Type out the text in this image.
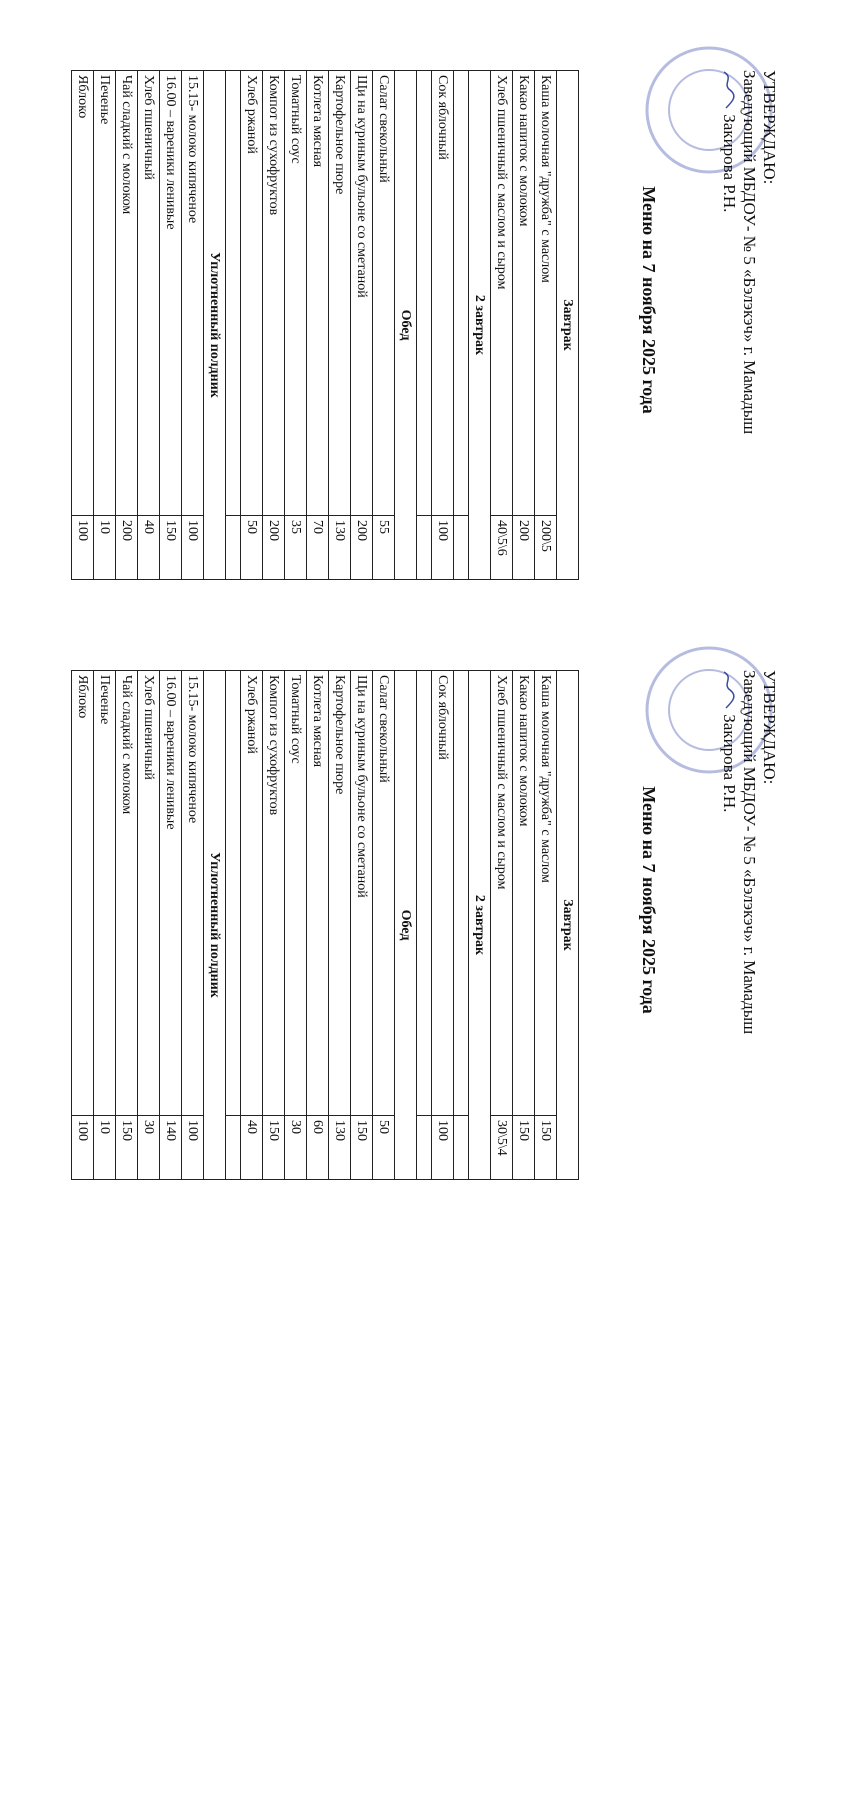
УТВЕРЖДАЮ:
Заведующий МБДОУ- № 5 «Бэлэкэч» г. Мамадыш
Закирова Р.Н.
Меню на 7 ноября 2025 года
Завтрак	
Каша молочная "дружба" с маслом	200\5
Какао напиток с молоком	200
Хлеб пшеничный с маслом и сыром	40\5\6
2 завтрак	

Сок яблочный	100

Обед	
Салат свекольный	55
Щи на куриным бульоне со сметаной	200
Картофельное пюре	130
Котлета мясная	70
Томатный соус	35
Компот из сухофруктов	200
Хлеб ржаной	50

Уплотненный полдник	
15.15- молоко кипяченое	100
16.00 – вареники ленивые	150
Хлеб пшеничный	40
Чай сладкий с молоком	200
Печенье	10
Яблоко	100
УТВЕРЖДАЮ:
Заведующий МБДОУ- № 5 «Бэлэкэч» г. Мамадыш
Закирова Р.Н.
Меню на 7 ноября 2025 года
Завтрак	
Каша молочная "дружба" с маслом	150
Какао напиток с молоком	150
Хлеб пшеничный с маслом и сыром	30\5\4
2 завтрак	

Сок яблочный	100

Обед	
Салат свекольный	50
Щи на куриным бульоне со сметаной	150
Картофельное пюре	130
Котлета мясная	60
Томатный соус	30
Компот из сухофруктов	150
Хлеб ржаной	40

Уплотненный полдник	
15.15- молоко кипяченое	100
16.00 – вареники ленивые	140
Хлеб пшеничный	30
Чай сладкий с молоком	150
Печенье	10
Яблоко	100
